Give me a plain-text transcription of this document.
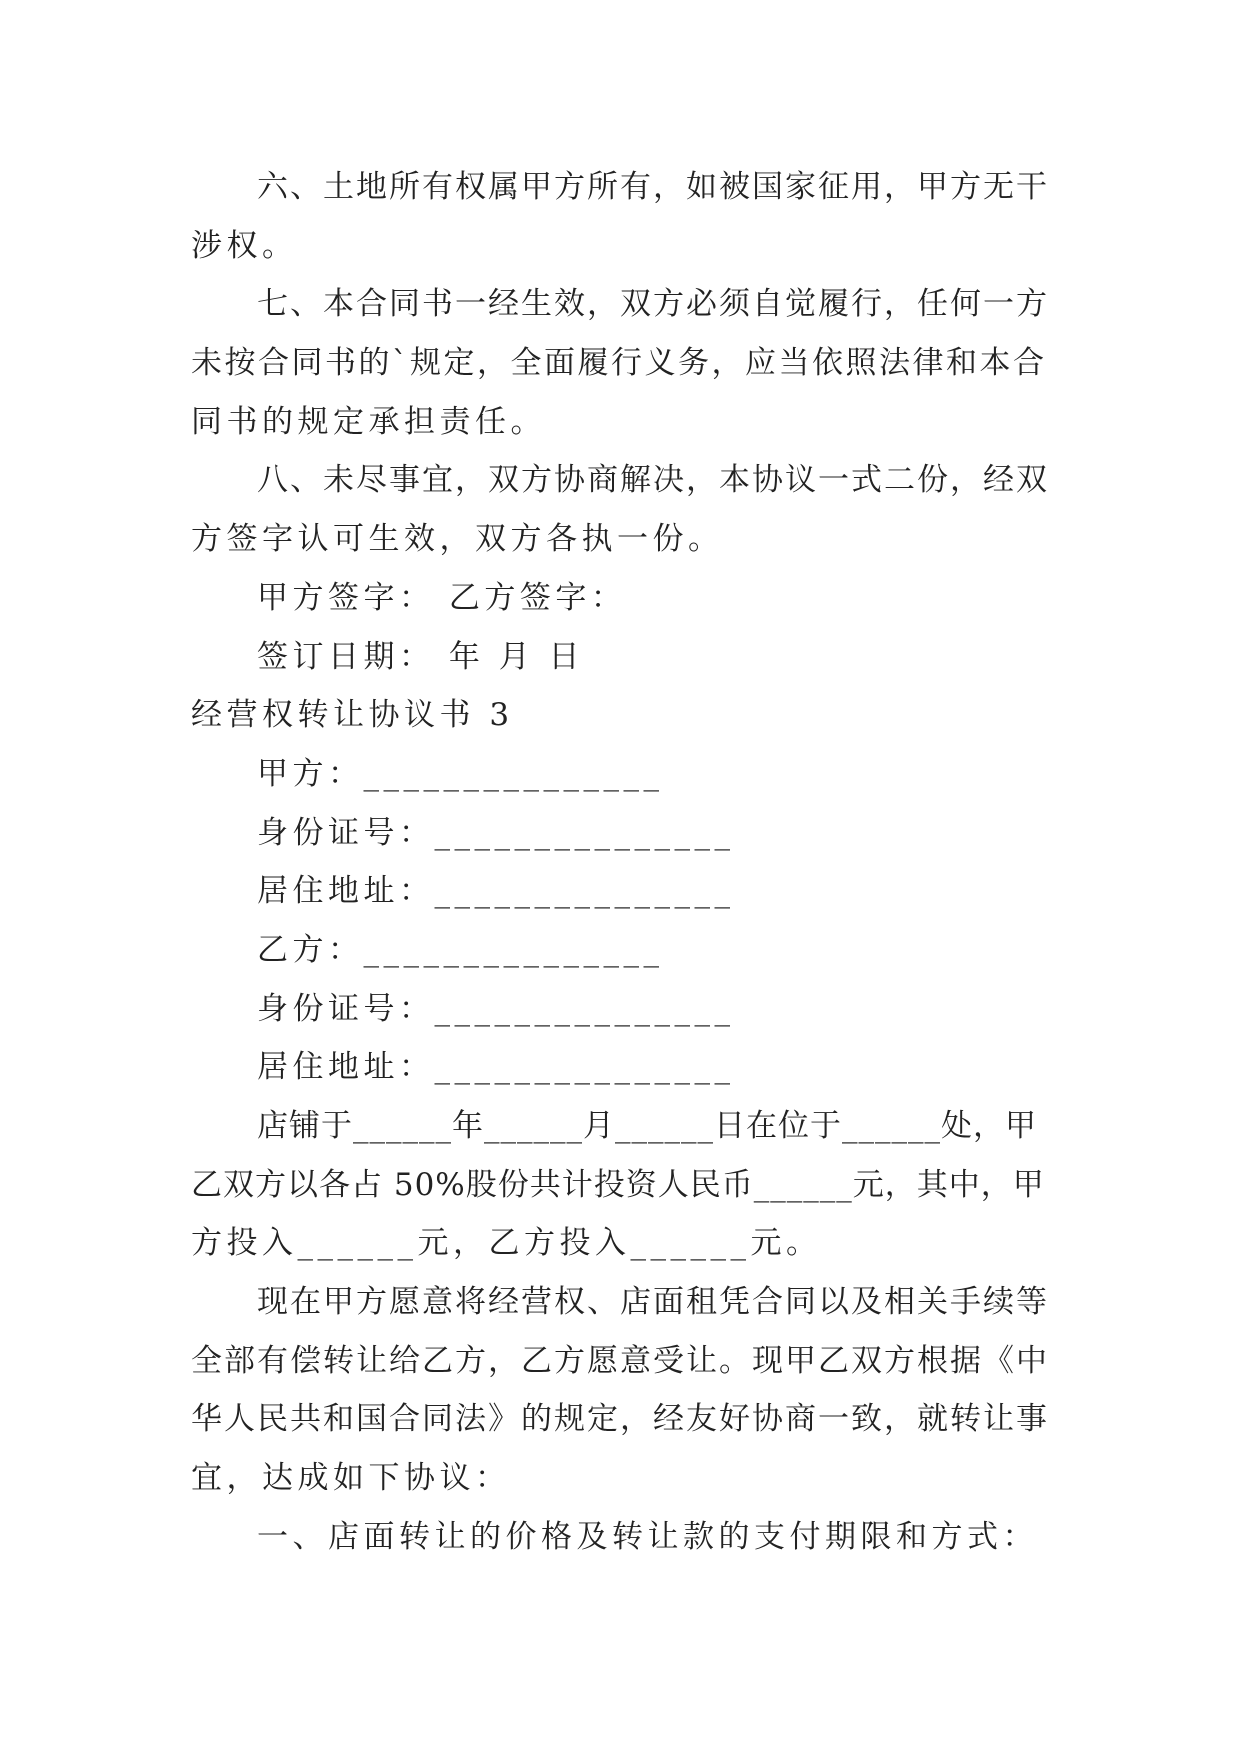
六、土地所有权属甲方所有，如被国家征用，甲方无干
涉权。
七、本合同书一经生效，双方必须自觉履行，任何一方
未按合同书的`规定，全面履行义务，应当依照法律和本合
同书的规定承担责任。
八、未尽事宜，双方协商解决，本协议一式二份，经双
方签字认可生效，双方各执一份。
甲方签字： 乙方签字：
签订日期： 年 月 日
经营权转让协议书 3
甲方：_______________
身份证号：_______________
居住地址：_______________
乙方：_______________
身份证号：_______________
居住地址：_______________
店铺于______年______月______日在位于______处，甲
乙双方以各占 50%股份共计投资人民币______元，其中，甲
方投入______元，乙方投入______元。
现在甲方愿意将经营权、店面租凭合同以及相关手续等
全部有偿转让给乙方，乙方愿意受让。现甲乙双方根据《中
华人民共和国合同法》的规定，经友好协商一致，就转让事
宜，达成如下协议：
一、店面转让的价格及转让款的支付期限和方式：
